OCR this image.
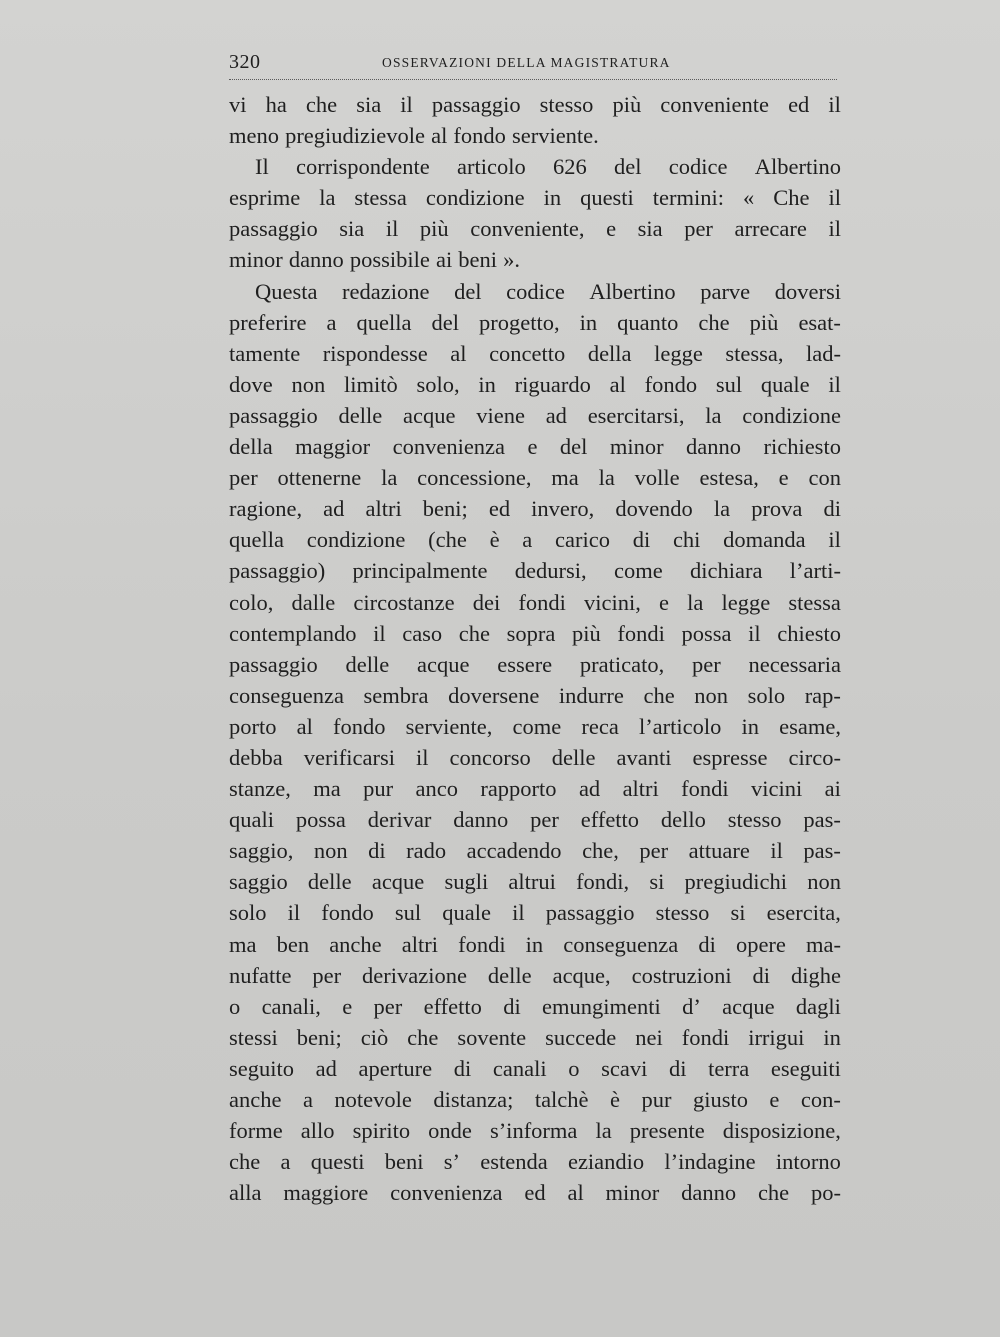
320	OSSERVAZIONI DELLA MAGISTRATURA
vi ha che sia il passaggio stesso più conveniente ed il
meno pregiudizievole al fondo serviente.
Il corrispondente articolo 626 del codice Albertino
esprime la stessa condizione in questi termini: « Che il
passaggio sia il più conveniente, e sia per arrecare il
minor danno possibile ai beni ».
Questa redazione del codice Albertino parve doversi
preferire a quella del progetto, in quanto che più esat-
tamente rispondesse al concetto della legge stessa, lad-
dove non limitò solo, in riguardo al fondo sul quale il
passaggio delle acque viene ad esercitarsi, la condizione
della maggior convenienza e del minor danno richiesto
per ottenerne la concessione, ma la volle estesa, e con
ragione, ad altri beni; ed invero, dovendo la prova di
quella condizione (che è a carico di chi domanda il
passaggio) principalmente dedursi, come dichiara l’arti-
colo, dalle circostanze dei fondi vicini, e la legge stessa
contemplando il caso che sopra più fondi possa il chiesto
passaggio delle acque essere praticato, per necessaria
conseguenza sembra doversene indurre che non solo rap-
porto al fondo serviente, come reca l’articolo in esame,
debba verificarsi il concorso delle avanti espresse circo-
stanze, ma pur anco rapporto ad altri fondi vicini ai
quali possa derivar danno per effetto dello stesso pas-
saggio, non di rado accadendo che, per attuare il pas-
saggio delle acque sugli altrui fondi, si pregiudichi non
solo il fondo sul quale il passaggio stesso si esercita,
ma ben anche altri fondi in conseguenza di opere ma-
nufatte per derivazione delle acque, costruzioni di dighe
o canali, e per effetto di emungimenti d’ acque dagli
stessi beni; ciò che sovente succede nei fondi irrigui in
seguito ad aperture di canali o scavi di terra eseguiti
anche a notevole distanza; talchè è pur giusto e con-
forme allo spirito onde s’informa la presente disposizione,
che a questi beni s’ estenda eziandio l’indagine intorno
alla maggiore convenienza ed al minor danno che po-
